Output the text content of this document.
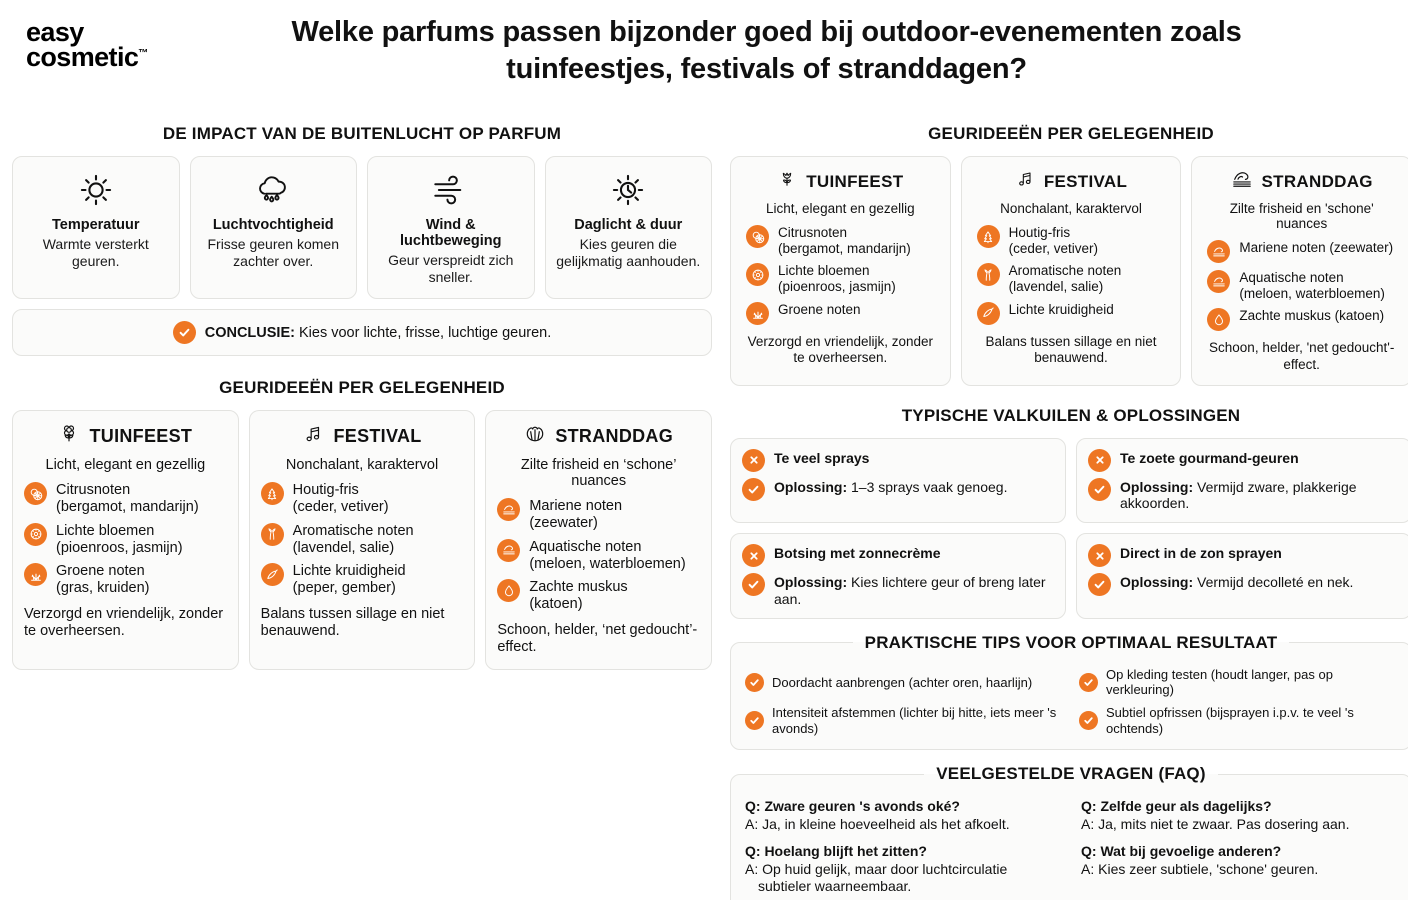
easy
cosmetic™
Welke parfums passen bijzonder goed bij outdoor-evenementen zoals tuinfeestjes, festivals of stranddagen?
DE IMPACT VAN DE BUITENLUCHT OP PARFUM
Temperatuur
Warmte versterkt geuren.
Luchtvochtigheid
Frisse geuren komen zachter over.
Wind & luchtbeweging
Geur verspreidt zich sneller.
Daglicht & duur
Kies geuren die gelijkmatig aanhouden.
CONCLUSIE: Kies voor lichte, frisse, luchtige geuren.
GEURIDEEËN PER GELEGENHEID
TUINFEEST
Licht, elegant en gezellig
Citrusnoten
(bergamot, mandarijn)
Lichte bloemen
(pioenroos, jasmijn)
Groene noten
(gras, kruiden)
Verzorgd en vriendelijk, zonder te overheersen.
FESTIVAL
Nonchalant, karaktervol
Houtig-fris
(ceder, vetiver)
Aromatische noten
(lavendel, salie)
Lichte kruidigheid
(peper, gember)
Balans tussen sillage en niet benauwend.
STRANDDAG
Zilte frisheid en ‘schone’ nuances
Mariene noten
(zeewater)
Aquatische noten
(meloen, waterbloemen)
Zachte muskus
(katoen)
Schoon, helder, ‘net gedoucht’-effect.
GEURIDEEËN PER GELEGENHEID
TUINFEEST
Licht, elegant en gezellig
Citrusnoten
(bergamot, mandarijn)
Lichte bloemen
(pioenroos, jasmijn)
Groene noten
Verzorgd en vriendelijk, zonder te overheersen.
FESTIVAL
Nonchalant, karaktervol
Houtig-fris
(ceder, vetiver)
Aromatische noten
(lavendel, salie)
Lichte kruidigheid
Balans tussen sillage en niet benauwend.
STRANDDAG
Zilte frisheid en 'schone' nuances
Mariene noten (zeewater)
Aquatische noten
(meloen, waterbloemen)
Zachte muskus (katoen)
Schoon, helder, 'net gedoucht'-effect.
TYPISCHE VALKUILEN & OPLOSSINGEN
Te veel sprays
Oplossing: 1–3 sprays vaak genoeg.
Te zoete gourmand-geuren
Oplossing: Vermijd zware, plakkerige akkoorden.
Botsing met zonnecrème
Oplossing: Kies lichtere geur of breng later aan.
Direct in de zon sprayen
Oplossing: Vermijd decolleté en nek.
PRAKTISCHE TIPS VOOR OPTIMAAL RESULTAAT
Doordacht aanbrengen (achter oren, haarlijn)
Op kleding testen (houdt langer, pas op verkleuring)
Intensiteit afstemmen (lichter bij hitte, iets meer 's avonds)
Subtiel opfrissen (bijsprayen i.p.v. te veel 's ochtends)
VEELGESTELDE VRAGEN (FAQ)
Q: Zware geuren 's avonds oké?
A: Ja, in kleine hoeveelheid als het afkoelt.
Q: Zelfde geur als dagelijks?
A: Ja, mits niet te zwaar. Pas dosering aan.
Q: Hoelang blijft het zitten?
A: Op huid gelijk, maar door luchtcirculatie
subtieler waarneembaar.
Q: Wat bij gevoelige anderen?
A: Kies zeer subtiele, 'schone' geuren.
